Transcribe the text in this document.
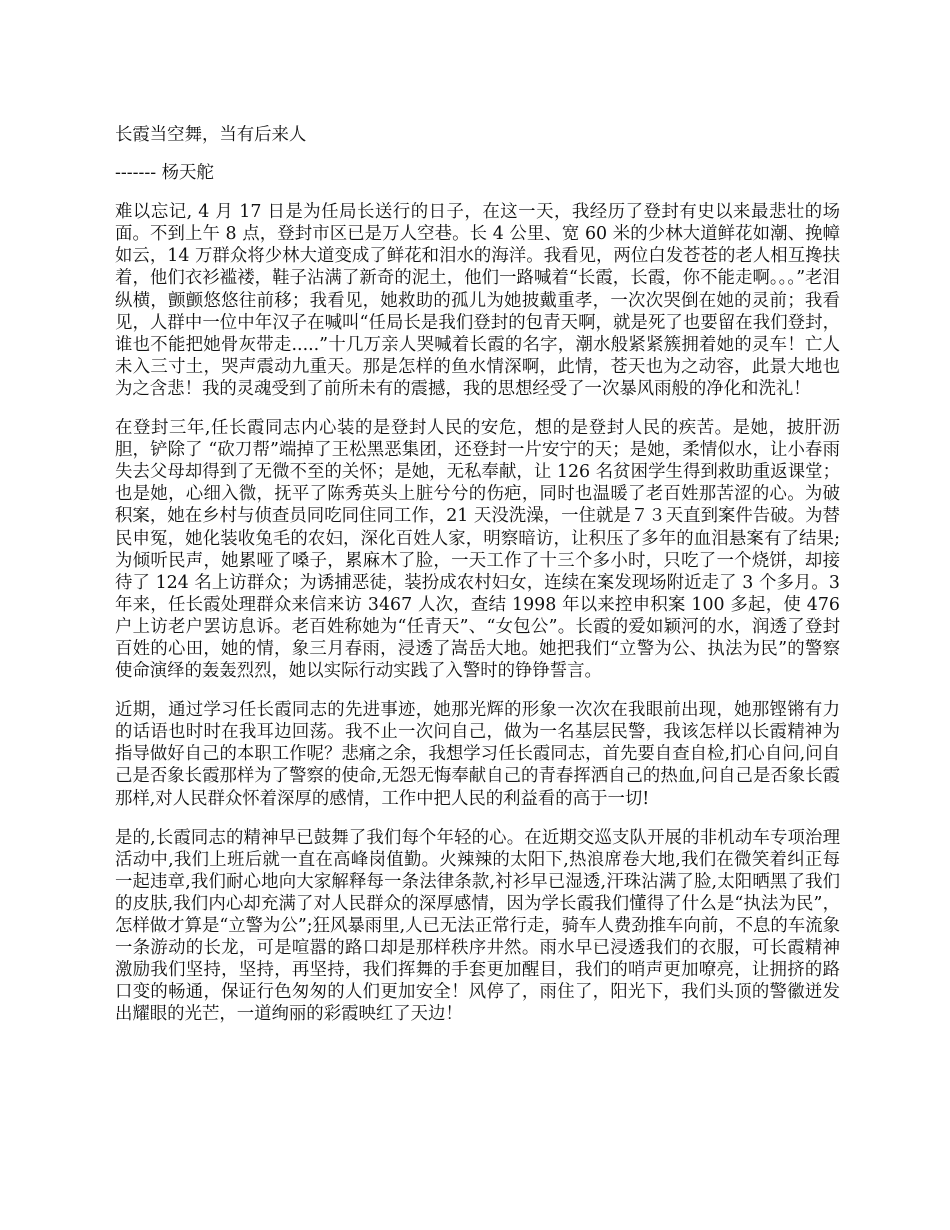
长霞当空舞，当有后来人
------- 杨天舵
难以忘记, 4 月 17 日是为任局长送行的日子，在这一天，我经历了登封有史以来最悲壮的场面。不到上午 8 点，登封市区已是万人空巷。长 4 公里、宽 60 米的少林大道鲜花如潮、挽幛如云，14 万群众将少林大道变成了鲜花和泪水的海洋。我看见，两位白发苍苍的老人相互搀扶着，他们衣衫褴褛，鞋子沾满了新奇的泥土，他们一路喊着“长霞，长霞，你不能走啊。。。”老泪纵横，颤颤悠悠往前移；我看见，她救助的孤儿为她披戴重孝，一次次哭倒在她的灵前；我看见，人群中一位中年汉子在喊叫“任局长是我们登封的包青天啊，就是死了也要留在我们登封，谁也不能把她骨灰带走.....”十几万亲人哭喊着长霞的名字，潮水般紧紧簇拥着她的灵车！亡人未入三寸土，哭声震动九重天。那是怎样的鱼水情深啊，此情，苍天也为之动容，此景大地也为之含悲！我的灵魂受到了前所未有的震撼，我的思想经受了一次暴风雨般的净化和洗礼！
在登封三年,任长霞同志内心装的是登封人民的安危，想的是登封人民的疾苦。是她，披肝沥胆，铲除了 “砍刀帮”端掉了王松黑恶集团，还登封一片安宁的天；是她，柔情似水，让小春雨失去父母却得到了无微不至的关怀；是她，无私奉献，让 126 名贫困学生得到救助重返课堂；也是她，心细入微，抚平了陈秀英头上脏兮兮的伤疤，同时也温暖了老百姓那苦涩的心。为破积案，她在乡村与侦查员同吃同住同工作，21 天没洗澡，一住就是７３天直到案件告破。为替民申冤，她化装收兔毛的农妇，深化百姓人家，明察暗访，让积压了多年的血泪悬案有了结果;为倾听民声，她累哑了嗓子，累麻木了脸，一天工作了十三个多小时，只吃了一个烧饼，却接待了 124 名上访群众；为诱捕恶徒，装扮成农村妇女，连续在案发现场附近走了 3 个多月。3 年来，任长霞处理群众来信来访 3467 人次，查结 1998 年以来控申积案 100 多起，使 476 户上访老户罢访息诉。老百姓称她为“任青天”、“女包公”。长霞的爱如颖河的水，润透了登封百姓的心田，她的情，象三月春雨，浸透了嵩岳大地。她把我们“立警为公、执法为民”的警察使命演绎的轰轰烈烈，她以实际行动实践了入警时的铮铮誓言。
近期，通过学习任长霞同志的先进事迹，她那光辉的形象一次次在我眼前出现，她那铿锵有力的话语也时时在我耳边回荡。我不止一次问自己，做为一名基层民警，我该怎样以长霞精神为指导做好自己的本职工作呢？悲痛之余，我想学习任长霞同志，首先要自查自检,扪心自问,问自己是否象长霞那样为了警察的使命,无怨无悔奉献自己的青春挥洒自己的热血,问自己是否象长霞那样,对人民群众怀着深厚的感情，工作中把人民的利益看的高于一切!
是的,长霞同志的精神早已鼓舞了我们每个年轻的心。在近期交巡支队开展的非机动车专项治理活动中,我们上班后就一直在高峰岗值勤。火辣辣的太阳下,热浪席卷大地,我们在微笑着纠正每一起违章,我们耐心地向大家解释每一条法律条款,衬衫早已湿透,汗珠沾满了脸,太阳晒黑了我们的皮肤,我们内心却充满了对人民群众的深厚感情，因为学长霞我们懂得了什么是“执法为民”，怎样做才算是“立警为公”;狂风暴雨里,人已无法正常行走，骑车人费劲推车向前，不息的车流象一条游动的长龙，可是喧嚣的路口却是那样秩序井然。雨水早已浸透我们的衣服，可长霞精神激励我们坚持，坚持，再坚持，我们挥舞的手套更加醒目，我们的哨声更加嘹亮，让拥挤的路口变的畅通，保证行色匆匆的人们更加安全！风停了，雨住了，阳光下，我们头顶的警徽迸发出耀眼的光芒，一道绚丽的彩霞映红了天边！
